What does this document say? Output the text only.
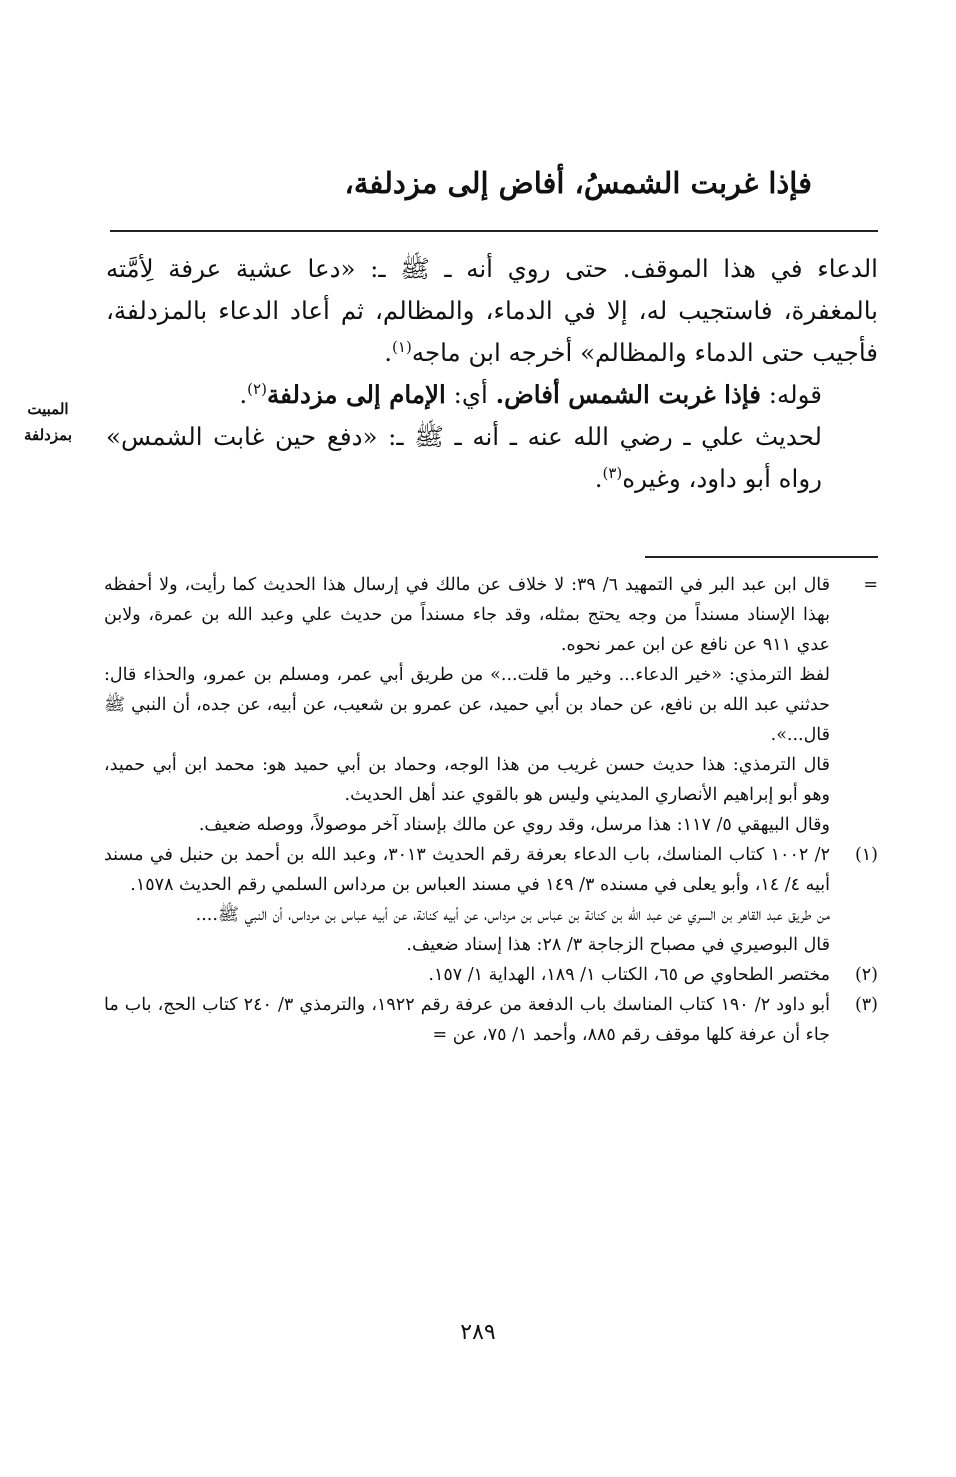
فإذا غربت الشمسُ، أفاض إلى مزدلفة،

الدعاء في هذا الموقف. حتى روي أنه ـ ﷺ ـ: «دعا عشية عرفة لِأمَّته بالمغفرة، فاستجيب له، إلا في الدماء، والمظالم، ثم أعاد الدعاء بالمزدلفة، فأجيب حتى الدماء والمظالم» أخرجه ابن ماجه$^{(١)}$.

قوله: فإذا غربت الشمس أفاض. أي: الإمام إلى مزدلفة$^{(٢)}$.

لحديث علي ـ رضي الله عنه ـ أنه ـ ﷺ ـ: «دفع حين غابت الشمس» رواه أبو داود، وغيره$^{(٣)}$.

المبيت
بمزدلفة
=
قال ابن عبد البر في التمهيد ٦/ ٣٩: لا خلاف عن مالك في إرسال هذا الحديث كما رأيت، ولا أحفظه بهذا الإسناد مسنداً من وجه يحتج بمثله، وقد جاء مسنداً من حديث علي وعبد الله بن عمرة، ولابن عدي ٩١١ عن نافع عن ابن عمر نحوه.

لفظ الترمذي: «خير الدعاء... وخير ما قلت...» من طريق أبي عمر، ومسلم بن عمرو، والحذاء قال: حدثني عبد الله بن نافع، عن حماد بن أبي حميد، عن عمرو بن شعيب، عن أبيه، عن جده، أن النبي ﷺ قال...».

قال الترمذي: هذا حديث حسن غريب من هذا الوجه، وحماد بن أبي حميد هو: محمد ابن أبي حميد، وهو أبو إبراهيم الأنصاري المديني وليس هو بالقوي عند أهل الحديث.

وقال البيهقي ٥/ ١١٧: هذا مرسل، وقد روي عن مالك بإسناد آخر موصولاً، ووصله ضعيف.

(١)
٢/ ١٠٠٢ كتاب المناسك، باب الدعاء بعرفة رقم الحديث ٣٠١٣، وعبد الله بن أحمد بن حنبل في مسند أبيه ٤/ ١٤، وأبو يعلى في مسنده ٣/ ١٤٩ في مسند العباس بن مرداس السلمي رقم الحديث ١٥٧٨.

من طريق عبد القاهر بن السري عن عبد الله بن كنانة بن عباس بن مرداس، عن أبيه كنانة، عن أبيه عباس بن مرداس، أن النبي ﷺ....

قال البوصيري في مصباح الزجاجة ٣/ ٢٨: هذا إسناد ضعيف.

(٢)
مختصر الطحاوي ص ٦٥، الكتاب ١/ ١٨٩، الهداية ١/ ١٥٧.
(٣)
أبو داود ٢/ ١٩٠ كتاب المناسك باب الدفعة من عرفة رقم ١٩٢٢، والترمذي ٣/ ٢٤٠ كتاب الحج، باب ما جاء أن عرفة كلها موقف رقم ٨٨٥، وأحمد ١/ ٧٥، عن =
٢٨٩
